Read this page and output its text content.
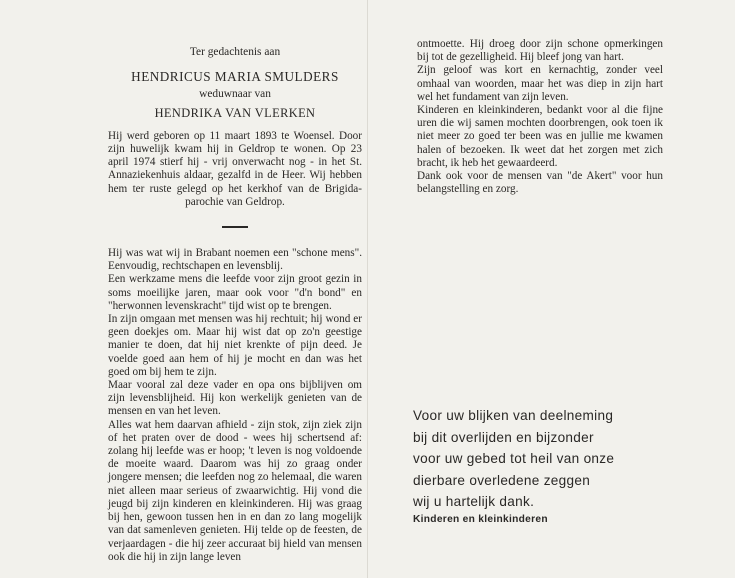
Ter gedachtenis aan

HENDRICUS MARIA SMULDERS

weduwnaar van

HENDRIKA VAN VLERKEN

Hij werd geboren op 11 maart 1893 te Woensel. Door zijn huwelijk kwam hij in Geldrop te wonen. Op 23 april 1974 stierf hij - vrij onverwacht nog - in het St. Annaziekenhuis aldaar, gezalfd in de Heer. Wij hebben hem ter ruste gelegd op het kerkhof van de Brigida-parochie van Geldrop.

Hij was wat wij in Brabant noemen een "schone mens". Eenvoudig, rechtschapen en levensblij.

Een werkzame mens die leefde voor zijn groot gezin in soms moeilijke jaren, maar ook voor "d'n bond" en "herwonnen levenskracht" tijd wist op te brengen.

In zijn omgaan met mensen was hij rechtuit; hij wond er geen doekjes om. Maar hij wist dat op zo'n geestige manier te doen, dat hij niet krenkte of pijn deed. Je voelde goed aan hem of hij je mocht en dan was het goed om bij hem te zijn.

Maar vooral zal deze vader en opa ons bijblijven om zijn levensblijheid. Hij kon werkelijk genieten van de mensen en van het leven.

Alles wat hem daarvan afhield - zijn stok, zijn ziek zijn of het praten over de dood - wees hij schertsend af: zolang hij leefde was er hoop; 't leven is nog voldoende de moeite waard. Daarom was hij zo graag onder jongere mensen; die leefden nog zo helemaal, die waren niet alleen maar serieus of zwaarwichtig. Hij vond die jeugd bij zijn kinderen en kleinkinderen. Hij was graag bij hen, gewoon tussen hen in en dan zo lang mogelijk van dat samenleven genieten. Hij telde op de feesten, de verjaardagen - die hij zeer accuraat bij hield van mensen ook die hij in zijn lange leven

ontmoette. Hij droeg door zijn schone opmerkingen bij tot de gezelligheid. Hij bleef jong van hart.

Zijn geloof was kort en kernachtig, zonder veel omhaal van woorden, maar het was diep in zijn hart wel het fundament van zijn leven.

Kinderen en kleinkinderen, bedankt voor al die fijne uren die wij samen mochten doorbrengen, ook toen ik niet meer zo goed ter been was en jullie me kwamen halen of bezoeken. Ik weet dat het zorgen met zich bracht, ik heb het gewaardeerd.

Dank ook voor de mensen van "de Akert" voor hun belangstelling en zorg.

Voor uw blijken van deelneming
bij dit overlijden en bijzonder
voor uw gebed tot heil van onze
dierbare overledene zeggen
wij u hartelijk dank.
Kinderen en kleinkinderen
